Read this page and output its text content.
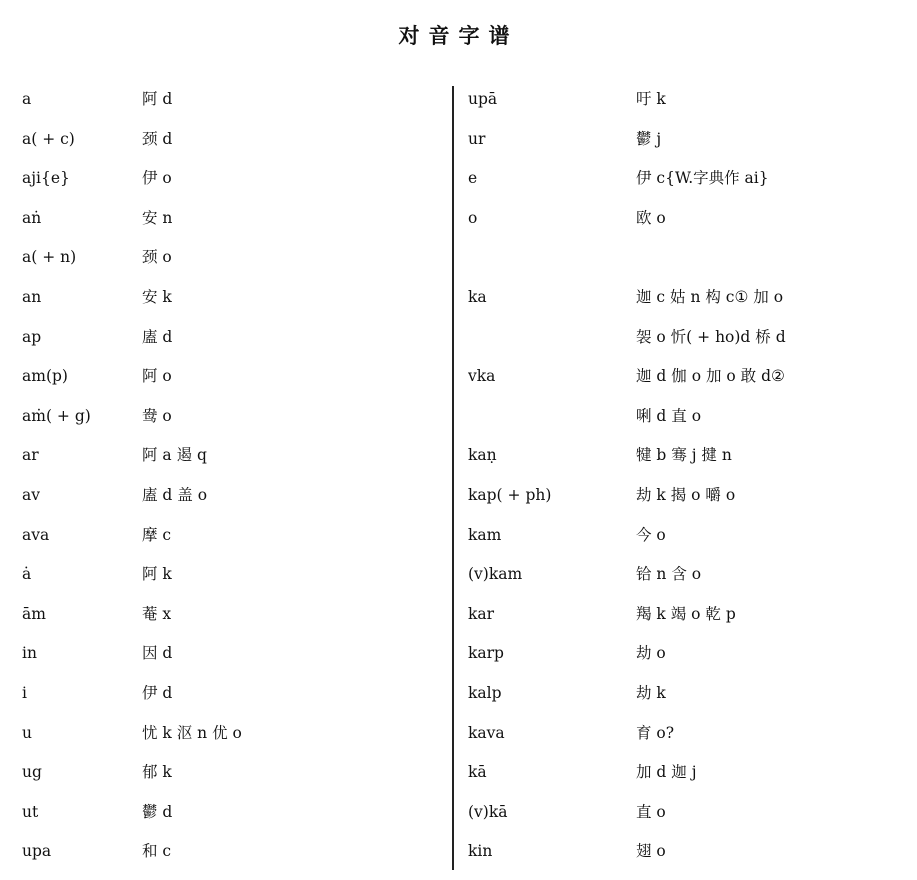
对音字谱
a	阿 d
a( + c)	颈 d
aji{e}	伊 o
aṅ	安 n
a( + n)	颈 o
an	安 k
ap	廅 d
am(p)	阿 o
aṁ( + g)	鸯 o
ar	阿 a 遏 q
av	廅 d 盖 o
ava	摩 c
ȧ	阿 k
ām	菴 x
in	因 d
i	伊 d
u	忧 k 沤 n 优 o
ug	郁 k
ut	鬱 d
upa	和 c
upā	吁 k
ur	鬱 j
e	伊 c{W.字典作 ai}
o	欧 o
ka	迦 c 姑 n 构 c① 加 o
袈 o 忻( + ho)d 桥 d
vka	迦 d 伽 o 加 o 敢 d②
唎 d 直 o
kaṇ	犍 b 骞 j 揵 n
kap( + ph)	劫 k 揭 o 嚼 o
kam	今 o
(v)kam	铪 n 含 o
kar	羯 k 竭 o 乾 p
karp	劫 o
kalp	劫 k
kava	育 o?
kā	加 d 迦 j
(v)kā	直 o
kin	翅 o
